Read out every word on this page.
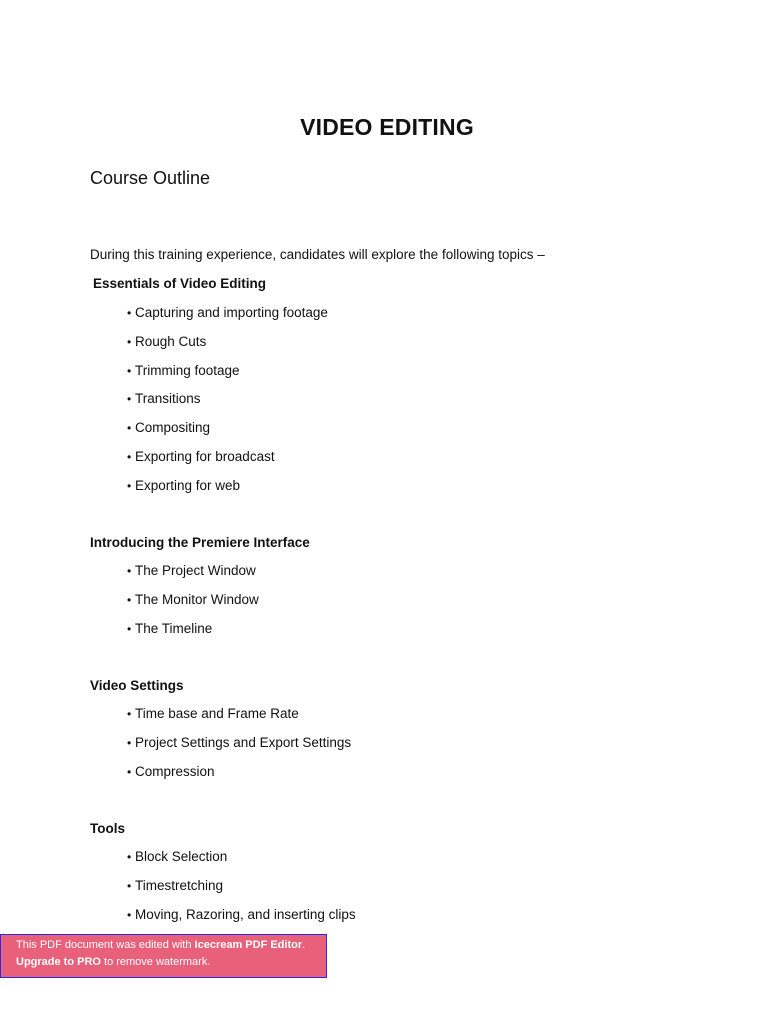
VIDEO EDITING
Course Outline
During this training experience, candidates will explore the following topics –
Essentials of Video Editing
• Capturing and importing footage
• Rough Cuts
• Trimming footage
• Transitions
• Compositing
• Exporting for broadcast
• Exporting for web
Introducing the Premiere Interface
• The Project Window
• The Monitor Window
• The Timeline
Video Settings
• Time base and Frame Rate
• Project Settings and Export Settings
• Compression
Tools
• Block Selection
• Timestretching
• Moving, Razoring, and inserting clips
This PDF document was edited with Icecream PDF Editor.
Upgrade to PRO to remove watermark.
